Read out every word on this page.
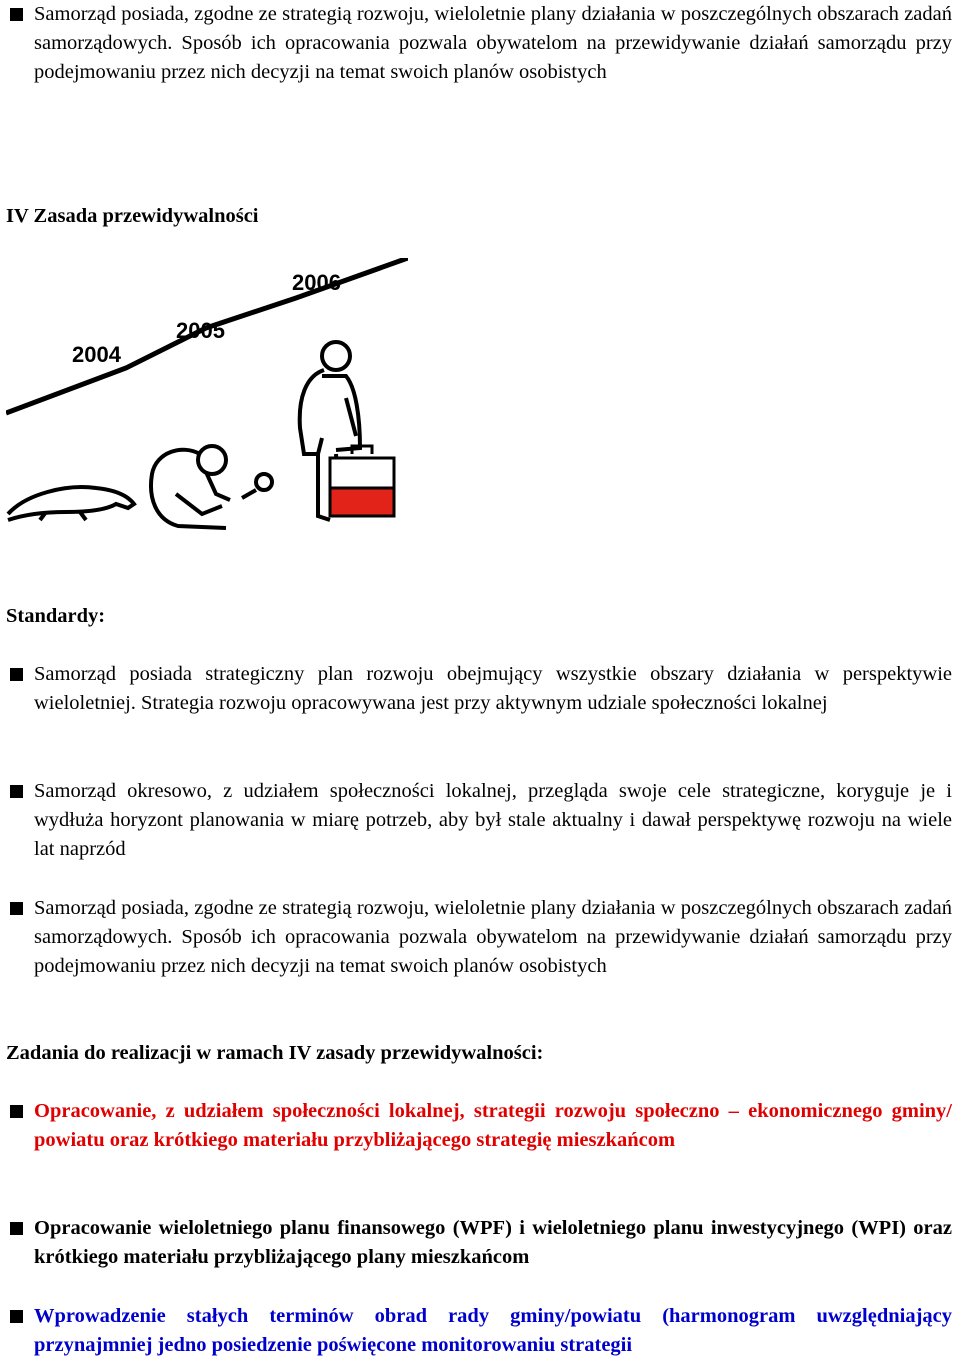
Samorząd posiada, zgodne ze strategią rozwoju, wieloletnie plany działania w poszczególnych obszarach zadań samorządowych. Sposób ich opracowania pozwala obywatelom na przewidywanie działań samorządu przy podejmowaniu przez nich decyzji na temat swoich planów osobistych
IV Zasada przewidywalności
2004
2005
2006
Standardy:
Samorząd posiada strategiczny plan rozwoju obejmujący wszystkie obszary działania w perspektywie wieloletniej. Strategia rozwoju opracowywana jest przy aktywnym udziale społeczności lokalnej
Samorząd okresowo, z udziałem społeczności lokalnej, przegląda swoje cele strategiczne, koryguje je i wydłuża horyzont planowania w miarę potrzeb, aby był stale aktualny i dawał perspektywę rozwoju na wiele lat naprzód
Samorząd posiada, zgodne ze strategią rozwoju, wieloletnie plany działania w poszczególnych obszarach zadań samorządowych. Sposób ich opracowania pozwala obywatelom na przewidywanie działań samorządu przy podejmowaniu przez nich decyzji na temat swoich planów osobistych
Zadania do realizacji w ramach IV zasady przewidywalności:
Opracowanie, z udziałem społeczności lokalnej, strategii rozwoju społeczno – ekonomicznego gminy/ powiatu oraz krótkiego materiału przybliżającego strategię mieszkańcom
Opracowanie wieloletniego planu finansowego (WPF) i wieloletniego planu inwestycyjnego (WPI) oraz krótkiego materiału przybliżającego plany mieszkańcom
Wprowadzenie stałych terminów obrad rady gminy/powiatu (harmonogram uwzględniający przynajmniej jedno posiedzenie poświęcone monitorowaniu strategii
